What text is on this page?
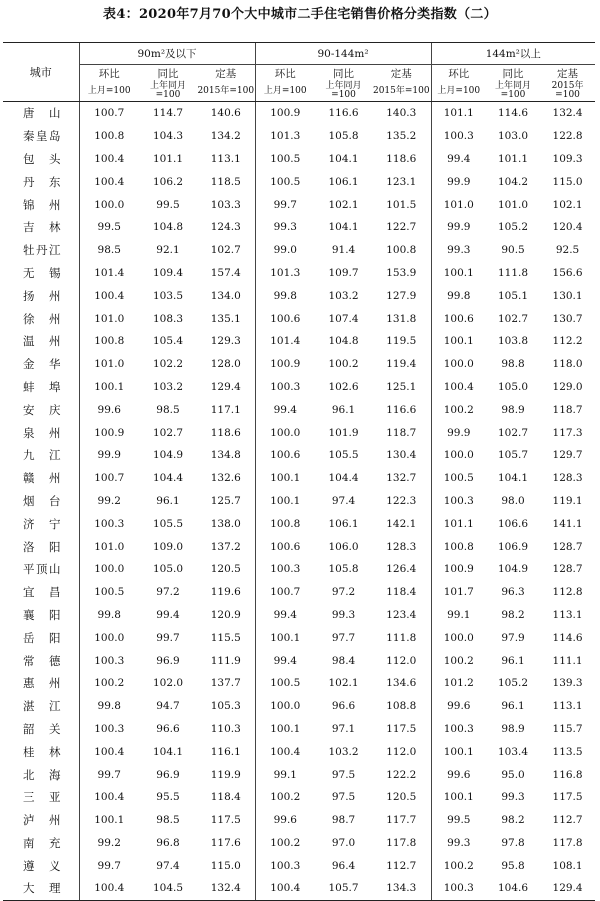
表4：2020年7月70个大中城市二手住宅销售价格分类指数（二）
城市	90m²及以下			90-144m²			144m²以上		
	环比	同比	定基	环比	同比	定基	环比	同比	定基
	上月=100	上年同月=100	2015年=100	上月=100	上年同月=100	2015年=100	上月=100	上年同月=100	2015年=100
唐山	100.7	114.7	140.6	100.9	116.6	140.3	101.1	114.6	132.4
秦皇岛	100.8	104.3	134.2	101.3	105.8	135.2	100.3	103.0	122.8
包头	100.4	101.1	113.1	100.5	104.1	118.6	99.4	101.1	109.3
丹东	100.4	106.2	118.5	100.5	106.1	123.1	99.9	104.2	115.0
锦州	100.0	99.5	103.3	99.7	102.1	101.5	101.0	101.0	102.1
吉林	99.5	104.8	124.3	99.3	104.1	122.7	99.9	105.2	120.4
牡丹江	98.5	92.1	102.7	99.0	91.4	100.8	99.3	90.5	92.5
无锡	101.4	109.4	157.4	101.3	109.7	153.9	100.1	111.8	156.6
扬州	100.4	103.5	134.0	99.8	103.2	127.9	99.8	105.1	130.1
徐州	101.0	108.3	135.1	100.6	107.4	131.8	100.6	102.7	130.7
温州	100.8	105.4	129.3	101.4	104.8	119.5	100.1	103.8	112.2
金华	101.0	102.2	128.0	100.9	100.2	119.4	100.0	98.8	118.0
蚌埠	100.1	103.2	129.4	100.3	102.6	125.1	100.4	105.0	129.0
安庆	99.6	98.5	117.1	99.4	96.1	116.6	100.2	98.9	118.7
泉州	100.9	102.7	118.6	100.0	101.9	118.7	99.9	102.7	117.3
九江	99.9	104.9	134.8	100.6	105.5	130.4	100.0	105.7	129.7
赣州	100.7	104.4	132.6	100.1	104.4	132.7	100.5	104.1	128.3
烟台	99.2	96.1	125.7	100.1	97.4	122.3	100.3	98.0	119.1
济宁	100.3	105.5	138.0	100.8	106.1	142.1	101.1	106.6	141.1
洛阳	101.0	109.0	137.2	100.6	106.0	128.3	100.8	106.9	128.7
平顶山	100.0	105.0	120.5	100.3	105.8	126.4	100.9	104.9	128.7
宜昌	100.5	97.2	119.6	100.7	97.2	118.4	101.7	96.3	112.8
襄阳	99.8	99.4	120.9	99.4	99.3	123.4	99.1	98.2	113.1
岳阳	100.0	99.7	115.5	100.1	97.7	111.8	100.0	97.9	114.6
常德	100.3	96.9	111.9	99.4	98.4	112.0	100.2	96.1	111.1
惠州	100.2	102.0	137.7	100.5	102.1	134.6	101.2	105.2	139.3
湛江	99.8	94.7	105.3	100.0	96.6	108.8	99.6	96.1	113.1
韶关	100.3	96.6	110.3	100.1	97.1	117.5	100.3	98.9	115.7
桂林	100.4	104.1	116.1	100.4	103.2	112.0	100.1	103.4	113.5
北海	99.7	96.9	119.9	99.1	97.5	122.2	99.6	95.0	116.8
三亚	100.4	95.5	118.4	100.2	97.5	120.5	100.1	99.3	117.5
泸州	100.1	98.5	117.5	99.6	98.7	117.7	99.5	98.2	112.7
南充	99.2	96.8	117.6	100.2	97.0	117.8	99.3	97.8	117.8
遵义	99.7	97.4	115.0	100.3	96.4	112.7	100.2	95.8	108.1
大理	100.4	104.5	132.4	100.4	105.7	134.3	100.3	104.6	129.4
